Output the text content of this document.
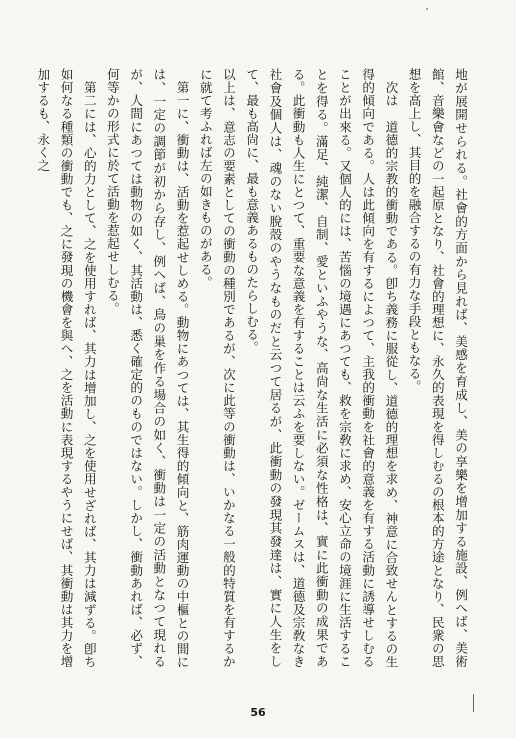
地が展開せられる。社會的方面から見れば、美感を育成し、美の享樂を增加する施設、例へば、美術館、音樂會などの一起原となり、社會的理想に、永久的表現を得しむるの根本的方途となり、民衆の思想を高上し、其目的を融合するの有力な手段ともなる。

次は　道德的宗教的衝動である。卽ち義務に服從し、道德的理想を求め、神意に合致せんとするの生得的傾向である。人は此傾向を有するによつて、主我的衝動を社會的意義を有する活動に誘導せしむることが出來る。又個人的には、苦惱の境遇にあつても、救を宗敎に求め、安心立命の境涯に生活することを得る。滿足、純潔、自制、愛といふやうな、高尙な生活に必須な性格は、實に此衝動の成果である。此衝動も人生にとつて、重要な意義を有することは云ふを要しない。ゼームスは、道德及宗敎なき社會及個人は、魂のない脫殼のやうなものだと云つて居るが、此衝動の發現其發達は、實に人生をして、最も高尙に、最も意義あるものたらしむる。

以上は、意志の要素としての衝動の種別であるが、次に此等の衝動は、いかなる一般的特質を有するかに就て考ふれば左の如きものがある。

第一に、衝動は、活動を惹起せしめる。動物にあつては、其生得的傾向と、筋肉運動の中樞との間には、一定の調節が初から存し、例へば、鳥の巢を作る場合の如く、衝動は一定の活動となつて現れるが、人間にあつては動物の如く、其活動は、悉く確定的のものではない。しかし、衝動あれば、必ず、何等かの形式に於て活動を惹起せしむる。

第二には、心的力として、之を使用すれば、其力は增加し、之を使用せざれば、其力は減ずる。卽ち如何なる種類の衝動でも、之に發現の機會を與へ、之を活動に表現するやうにせば、其衝動は其力を增加するも、永く之

56
